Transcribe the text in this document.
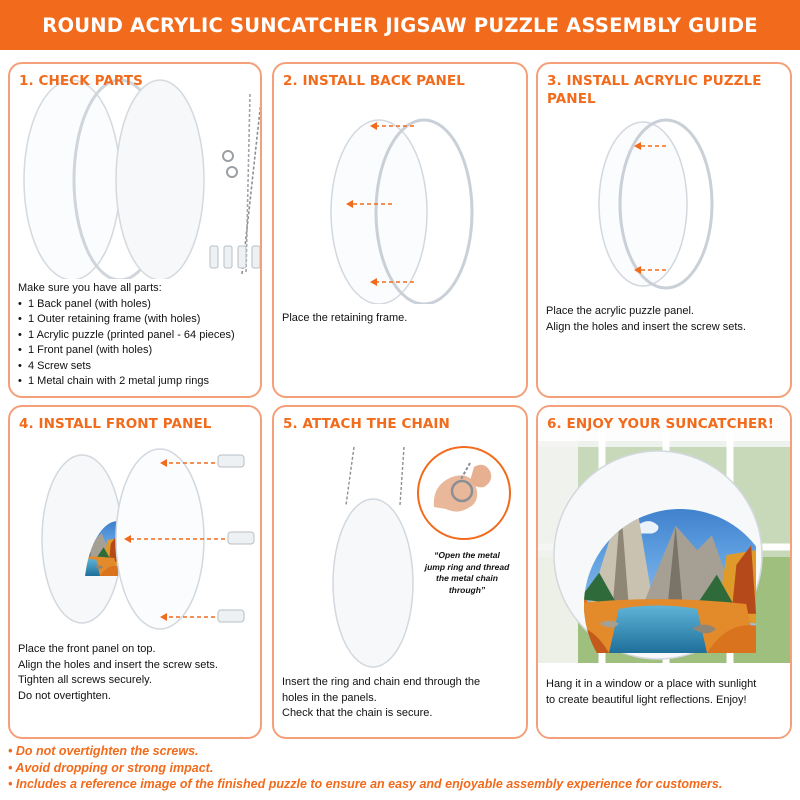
ROUND ACRYLIC SUNCATCHER JIGSAW PUZZLE ASSEMBLY GUIDE
1. CHECK PARTS

Make sure you have all parts:

• 1 Back panel (with holes)
• 1 Outer retaining frame (with holes)
• 1 Acrylic puzzle (printed panel - 64 pieces)
• 1 Front panel (with holes)
• 4 Screw sets
• 1 Metal chain with 2 metal jump rings
2. INSTALL BACK PANEL

Place the retaining frame.

3. INSTALL ACRYLIC PUZZLE PANEL

Place the acrylic puzzle panel.

Align the holes and insert the screw sets.

4. INSTALL FRONT PANEL

Place the front panel on top.

Align the holes and insert the screw sets.

Tighten all screws securely.

Do not overtighten.

5. ATTACH THE CHAIN
“Open the metal jump ring and thread the metal chain through”

Insert the ring and chain end through the

holes in the panels.

Check that the chain is secure.

6. ENJOY YOUR SUNCATCHER!

Hang it in a window or a place with sunlight

to create beautiful light reflections. Enjoy!

• Do not overtighten the screws.

• Avoid dropping or strong impact.

• Includes a reference image of the finished puzzle to ensure an easy and enjoyable assembly experience for customers.
